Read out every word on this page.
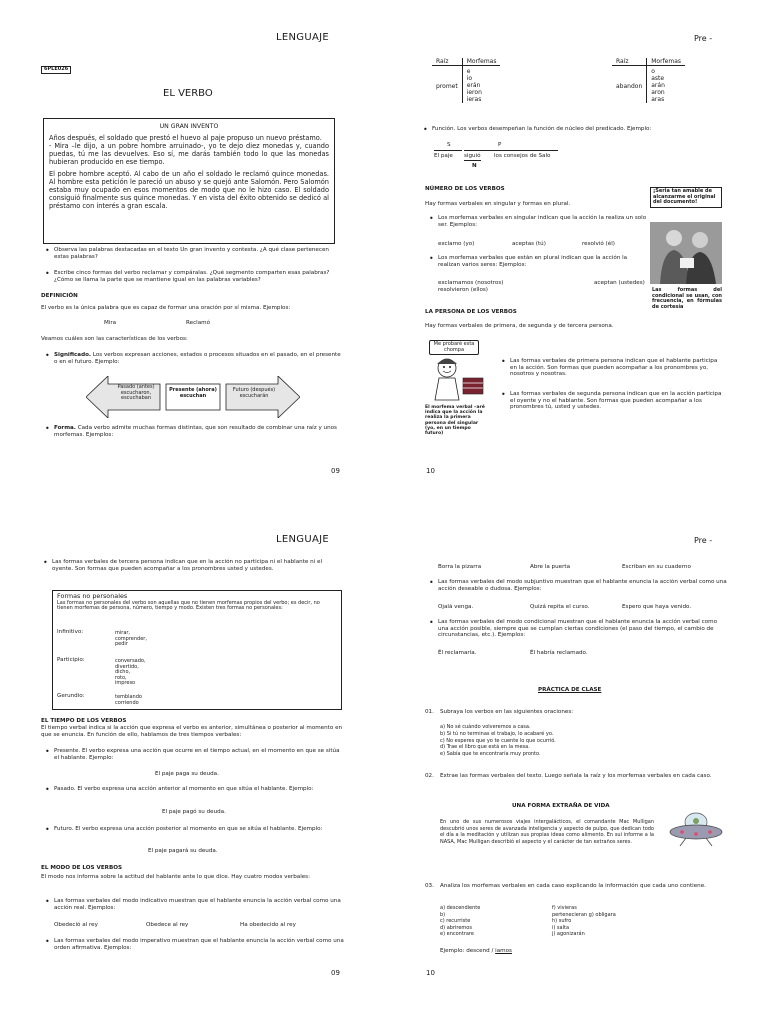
LENGUAJE
6PLE026
EL VERBO
UN GRAN INVENTO

Años después, el soldado que prestó el huevo al paje propuso un nuevo préstamo.

- Mira –le dijo, a un pobre hombre arruinado-, yo te dejo diez monedas y, cuando puedas, tú me las devuelves. Eso sí, me darás también todo lo que las monedas hubieran producido en ese tiempo.

El pobre hombre aceptó. Al cabo de un año el soldado le reclamó quince monedas. Al hombre esta petición le pareció un abuso y se quejó ante Salomón. Pero Salomón estaba muy ocupado en esos momentos de modo que no le hizo caso. El soldado consiguió finalmente sus quince monedas. Y en vista del éxito obtenido se dedicó al préstamo con interés a gran escala.

• Observa las palabras destacadas en el texto Un gran invento y contesta. ¿A qué clase pertenecen estas palabras?
• Escribe cinco formas del verbo reclamar y compáralas. ¿Qué segmento comparten esas palabras? ¿Cómo se llama la parte que se mantiene igual en las palabras variables?
DEFINICIÓN
El verbo es la única palabra que es capaz de formar una oración por sí misma. Ejemplos:
Mira	Reclamó
Veamos cuáles son las características de los verbos:
• Significado. Los verbos expresan acciones, estados o procesos situados en el pasado, en el presente o en el futuro. Ejemplo:
Pasado (antes) escucharon, escuchaban
Presente (ahora) escuchan
Futuro (después) escucharán
• Forma. Cada verbo admite muchas formas distintas, que son resultado de combinar una raíz y unos morfemas. Ejemplos:
09
Pre -
Raíz	Morfemas
promet	e
io
erán
ieron
ieras
Raíz	Morfemas
abandon	o
aste
arán
aron
aras
• Función. Los verbos desempeñan la función de núcleo del predicado. Ejemplo:
S	P
El paje siguió los consejos de Salo
N
NÚMERO DE LOS VERBOS
Hay formas verbales en singular y formas en plural.
• Los morfemas verbales en singular indican que la acción la realiza un solo ser. Ejemplos:
exclamo (yo)	aceptas (tú)	resolvió (él)
• Los morfemas verbales que están en plural indican que la acción la realizan varios seres: Ejemplos:
exclamamos (nosotros)	aceptan (ustedes)
resolvieron (ellos)
¡Seria tan amable de alcanzarme el original del documento!
Las formas del condicional se usan, con frecuencia, en fórmulas de cortesía
LA PERSONA DE LOS VERBOS
Hay formas verbales de primera, de segunda y de tercera persona.
Me probaré esta chompa
El morfema verbal –aré indica que la acción la realiza la primera persona del singular (yo, en un tiempo futuro)
• Las formas verbales de primera persona indican que el hablante participa en la acción. Son formas que pueden acompañar a los pronombres yo, nosotros y nosotras.
• Las formas verbales de segunda persona indican que en la acción participa el oyente y no el hablante. Son formas que pueden acompañar a los pronombres tú, usted y ustedes.
10
LENGUAJE
• Las formas verbales de tercera persona indican que en la acción no participa ni el hablante ni el oyente. Son formas que pueden acompañar a los pronombres usted y ustedes.
Formas no personales
Las formas no personales del verbo son aquellas que no tienen morfemas propios del verbo; es decir, no tienen morfemas de persona, número, tiempo y modo. Existen tres formas no personales:
Infinitivo:	mirar,
comprender,
pedir
Participio:	conversado,
divertido,
dicho,
roto,
impreso
Gerundio:	temblando
corriendo
EL TIEMPO DE LOS VERBOS
El tiempo verbal indica si la acción que expresa el verbo es anterior, simultánea o posterior al momento en que se enuncia. En función de ello, hablamos de tres tiempos verbales:
• Presente. El verbo expresa una acción que ocurre en el tiempo actual, en el momento en que se sitúa el hablante. Ejemplo:
El paje paga su deuda.
• Pasado. El verbo expresa una acción anterior al momento en que sitúa el hablante. Ejemplo:
El paje pagó su deuda.
• Futuro. El verbo expresa una acción posterior al momento en que se sitúa el hablante. Ejemplo:
El paje pagará su deuda.
EL MODO DE LOS VERBOS
El modo nos informa sobre la actitud del hablante ante lo que dice. Hay cuatro modos verbales:
• Las formas verbales del modo indicativo muestran que el hablante enuncia la acción verbal como una acción real. Ejemplos:
Obedeció al rey	Obedece al rey	Ha obedecido al rey
• Las formas verbales del modo imperativo muestran que el hablante enuncia la acción verbal como una orden afirmativa. Ejemplos:
09
Pre -
Borra la pizarra	Abre la puerta	Escriban en su cuaderno
• Las formas verbales del modo subjuntivo muestran que el hablante enuncia la acción verbal como una acción deseable o dudosa. Ejemplos:
Ojalá venga.	Quizá repita el curso.	Espero que haya venido.
• Las formas verbales del modo condicional muestran que el hablante enuncia la acción verbal como una acción posible, siempre que se cumplan ciertas condiciones (el paso del tiempo, el cambio de circunstancias, etc.). Ejemplos:
Él reclamaría.	Él habría reclamado.
PRÁCTICA DE CLASE
01. Subraya los verbos en las siguientes oraciones:
a) No sé cuándo volveremos a casa.
b) Si tú no terminas el trabajo, lo acabaré yo.
c) No esperes que yo te cuente lo que ocurrió.
d) Trae el libro que está en la mesa.
e) Sabía que te encontraría muy pronto.
02. Extrae las formas verbales del texto. Luego señala la raíz y los morfemas verbales en cada caso.
UNA FORMA EXTRAÑA DE VIDA
En uno de sus numerosos viajes intergalácticos, el comandante Mac Mulligan descubrió unos seres de avanzada inteligencia y aspecto de pulpo, que dedican todo el día a la meditación y utilizan sus propias ideas como alimento. En sui informe a la NASA, Mac Mulligan describió el aspecto y el carácter de tan extraños seres.
03. Analiza los morfemas verbales en cada caso explicando la información que cada uno contiene.
a) descendiente
b)
c) recurriste
d) abriremos
e) encontrare
f) vivieras
pertenecieran g) obligara
h) sufro
i) salta
j) agonizarán
Ejemplo: descend / iamos
10
